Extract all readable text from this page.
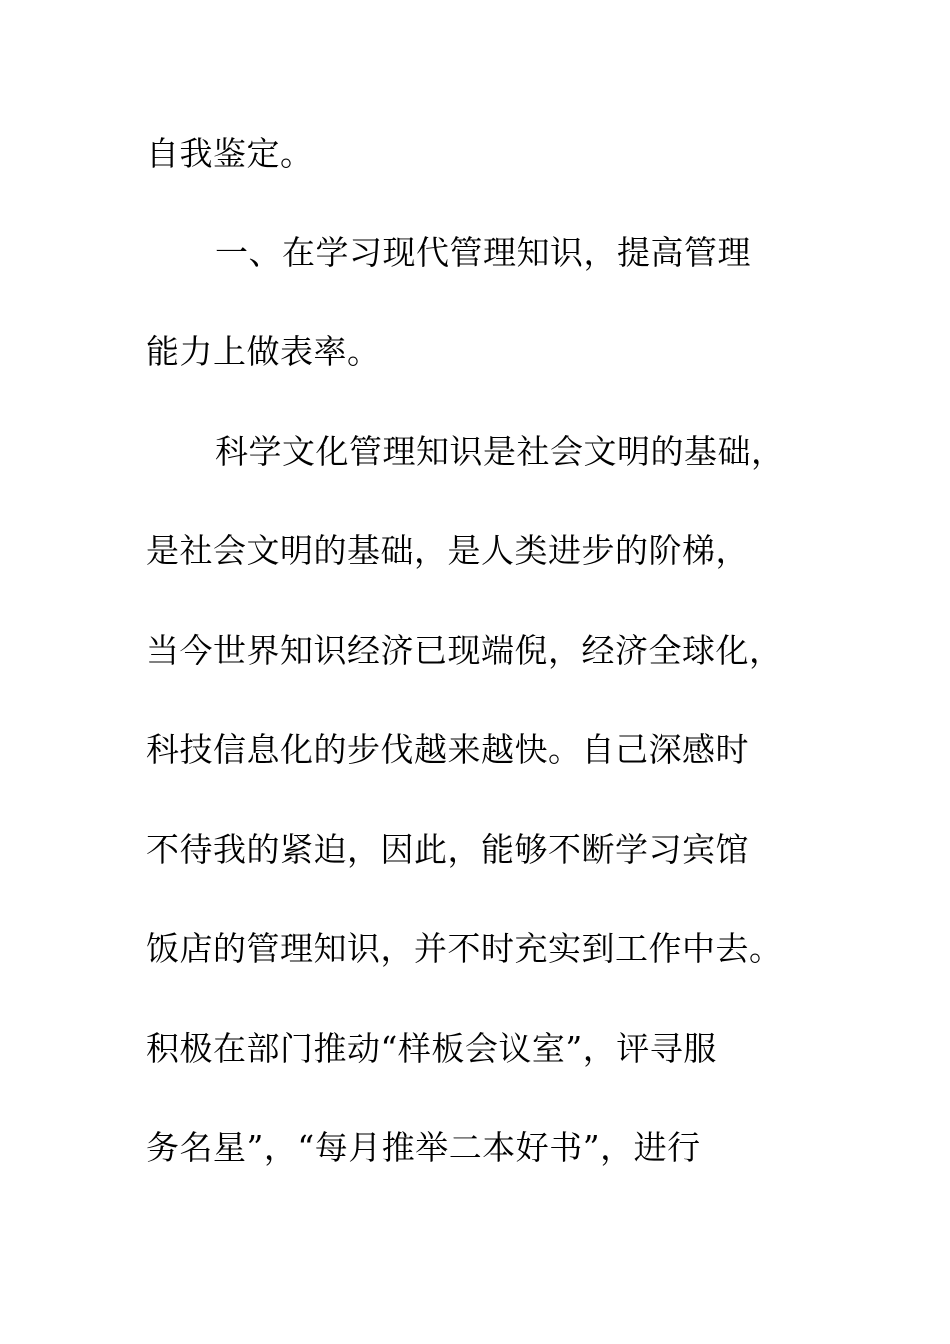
自我鉴定。
一、在学习现代管理知识，提高管理
能力上做表率。
科学文化管理知识是社会文明的基础，
是社会文明的基础，是人类进步的阶梯，
当今世界知识经济已现端倪，经济全球化，
科技信息化的步伐越来越快。自己深感时
不待我的紧迫，因此，能够不断学习宾馆
饭店的管理知识，并不时充实到工作中去。
积极在部门推动“样板会议室”，评寻服
务名星”，“每月推举二本好书”，进行
